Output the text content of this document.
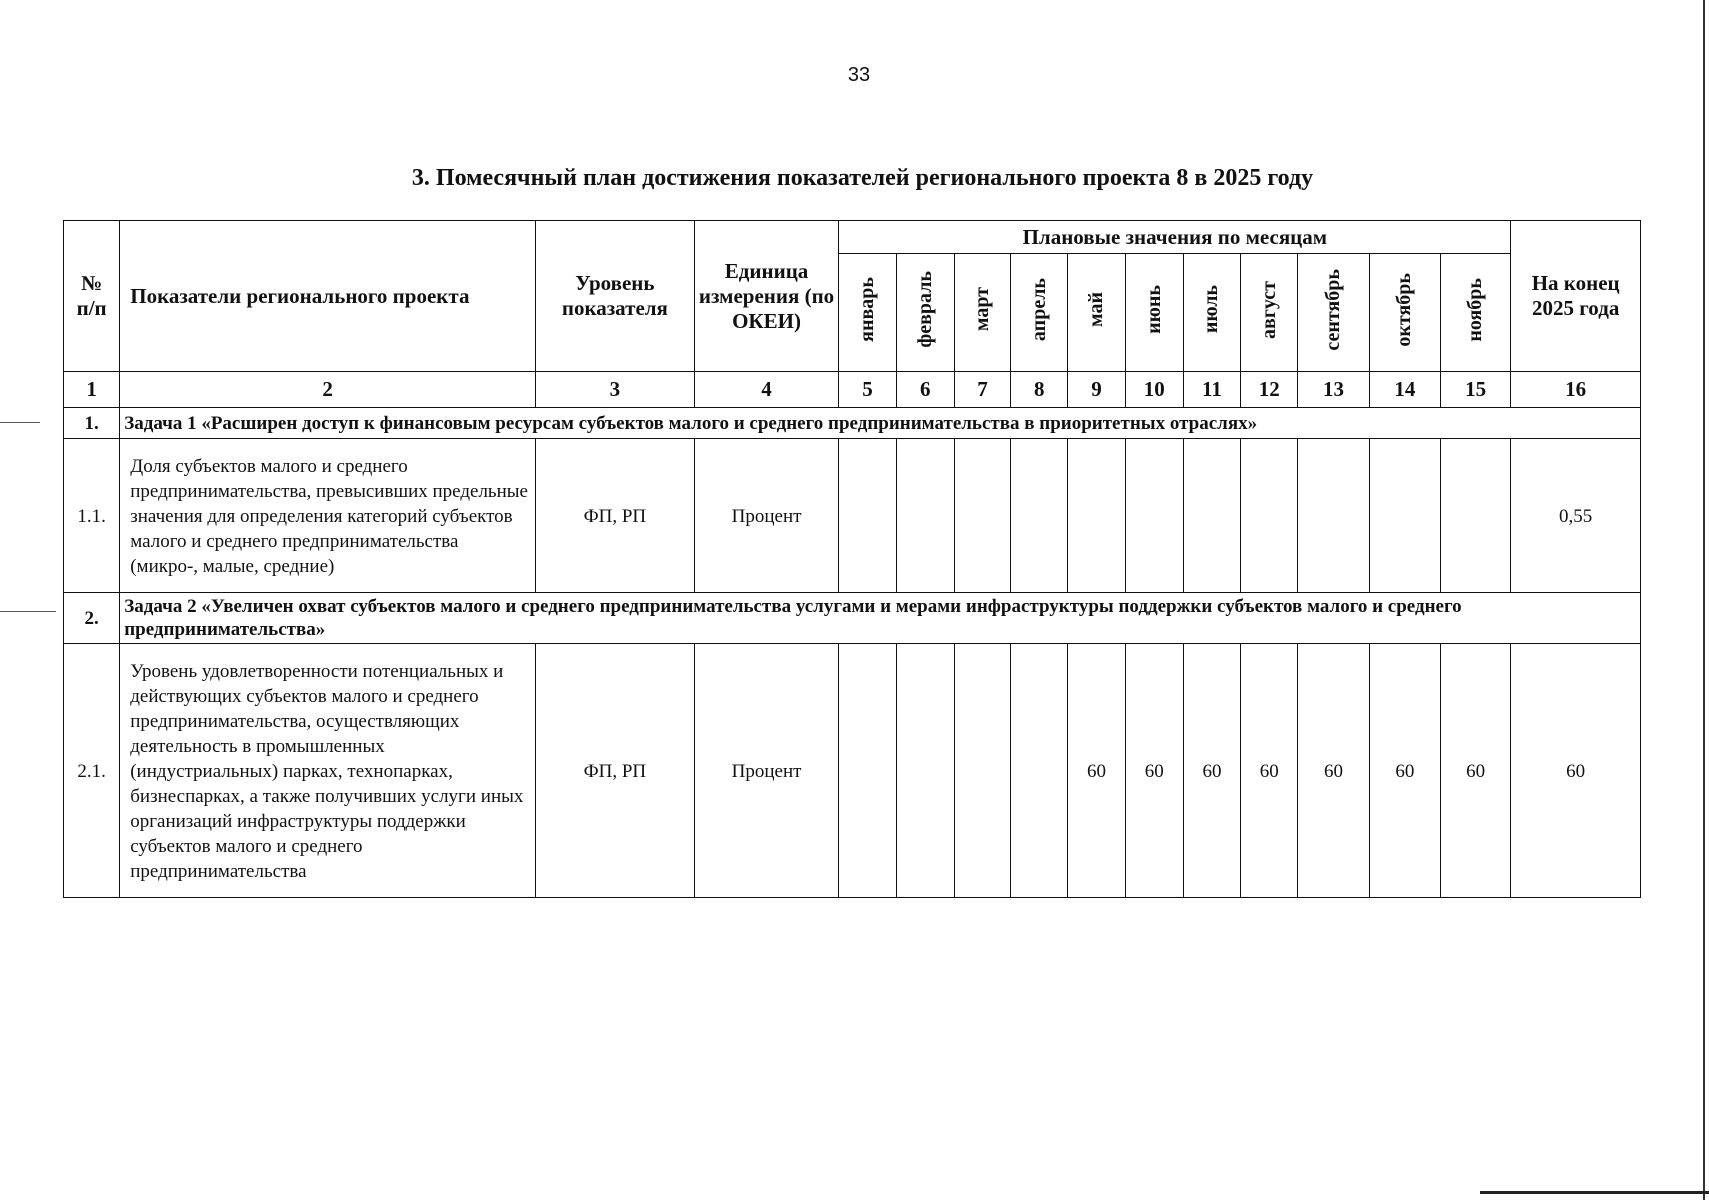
33
3. Помесячный план достижения показателей регионального проекта 8 в 2025 году
№
п/п	Показатели регионального проекта	Уровень показателя	Единица измерения (по ОКЕИ)	Плановые значения по месяцам											На конец 2025 года
				январь	февраль	март	апрель	май	июнь	июль	август	сентябрь	октябрь	ноябрь	
1	2	3	4	5	6	7	8	9	10	11	12	13	14	15	16
1.	Задача 1 «Расширен доступ к финансовым ресурсам субъектов малого и среднего предпринимательства в приоритетных отраслях»														
1.1.	Доля субъектов малого и среднего предпринимательства, превысивших предельные значения для определения категорий субъектов малого и среднего предпринимательства (микро-, малые, средние)	ФП, РП	Процент												0,55
2.	Задача 2 «Увеличен охват субъектов малого и среднего предпринимательства услугами и мерами инфраструктуры поддержки субъектов малого и среднего предпринимательства»														
2.1.	Уровень удовлетворенности потенциальных и действующих субъектов малого и среднего предпринимательства, осуществляющих деятельность в промышленных (индустриальных) парках, технопарках, бизнеспарках, а также получивших услуги иных организаций инфраструктуры поддержки субъектов малого и среднего предпринимательства	ФП, РП	Процент					60	60	60	60	60	60	60	60
